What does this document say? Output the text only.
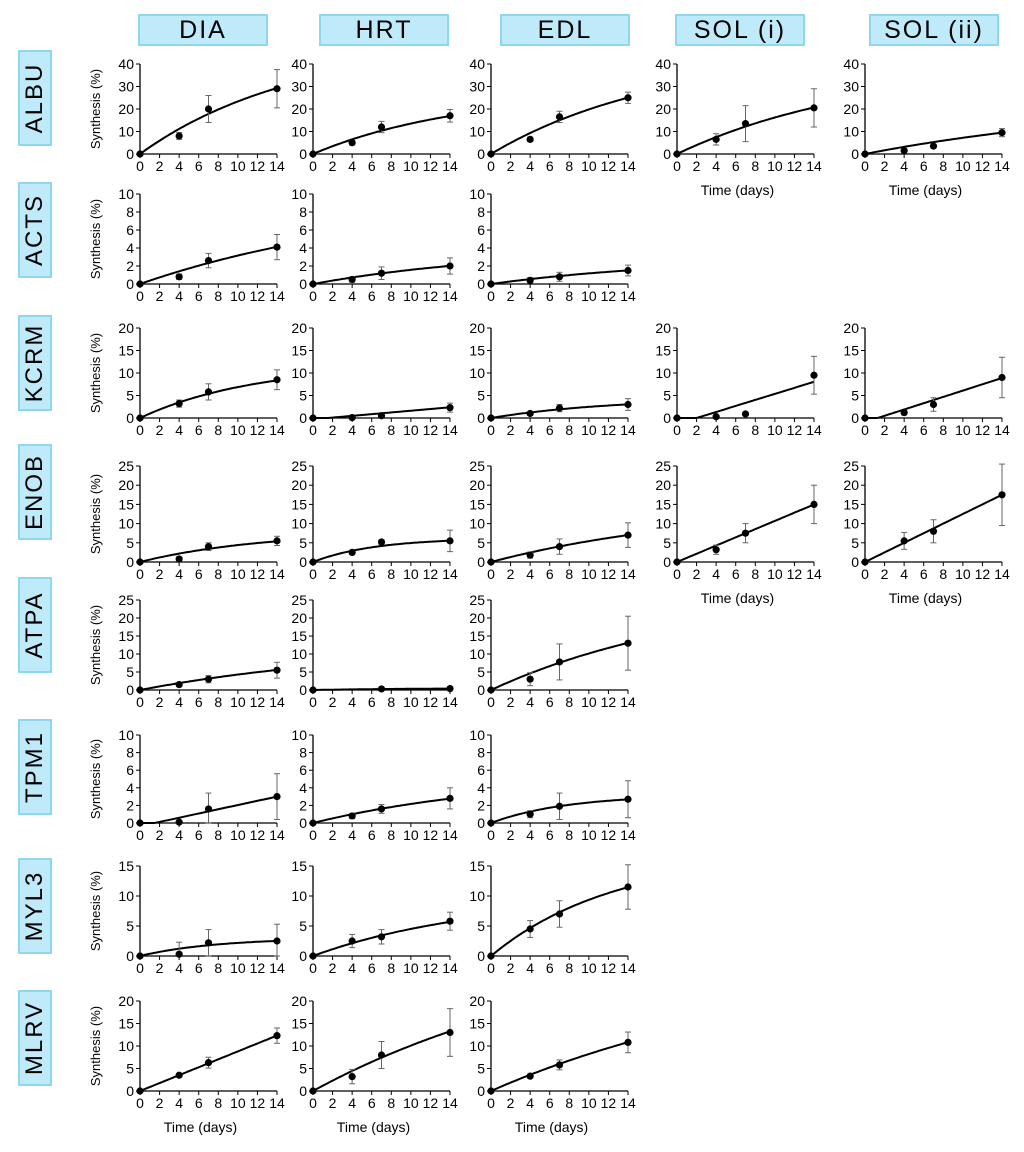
DIA	HRT	EDL	SOL (i)	SOL (ii)
ALBU
ACTS
KCRM
ENOB
ATPA
TPM1
MYL3
MLRV
0 2 4 6 8 10 12 14
0
10
20
30
40
Synthesis (%)
0 2 4 6 8 10 12 14
0
10
20
30
40
0 2 4 6 8 10 12 14
0
10
20
30
40
0 2 4 6 8 10 12 14
0
10
20
30
40
Time (days)
0 2 4 6 8 10 12 14
0
10
20
30
40
Time (days)
0 2 4 6 8 10 12 14
0
2
4
6
8
10
Synthesis (%)
0 2 4 6 8 10 12 14
0
2
4
6
8
10
0 2 4 6 8 10 12 14
0
2
4
6
8
10
0 2 4 6 8 10 12 14
0
5
10
15
20
Synthesis (%)
0 2 4 6 8 10 12 14
0
5
10
15
20
0 2 4 6 8 10 12 14
0
5
10
15
20
0 2 4 6 8 10 12 14
0
5
10
15
20
0 2 4 6 8 10 12 14
0
5
10
15
20
0 2 4 6 8 10 12 14
0
5
10
15
20
25
Synthesis (%)
0 2 4 6 8 10 12 14
0
5
10
15
20
25
0 2 4 6 8 10 12 14
0
5
10
15
20
25
0 2 4 6 8 10 12 14
0
5
10
15
20
25
Time (days)
0 2 4 6 8 10 12 14
0
5
10
15
20
25
Time (days)
0 2 4 6 8 10 12 14
0
5
10
15
20
25
Synthesis (%)
0 2 4 6 8 10 12 14
0
5
10
15
20
25
0 2 4 6 8 10 12 14
0
5
10
15
20
25
0 2 4 6 8 10 12 14
0
2
4
6
8
10
Synthesis (%)
0 2 4 6 8 10 12 14
0
2
4
6
8
10
0 2 4 6 8 10 12 14
0
2
4
6
8
10
0 2 4 6 8 10 12 14
0
5
10
15
Synthesis (%)
0 2 4 6 8 10 12 14
0
5
10
15
0 2 4 6 8 10 12 14
0
5
10
15
0 2 4 6 8 10 12 14
0
5
10
15
20
Synthesis (%)
Time (days)
0 2 4 6 8 10 12 14
0
5
10
15
20
Time (days)
0 2 4 6 8 10 12 14
0
5
10
15
20
Time (days)
